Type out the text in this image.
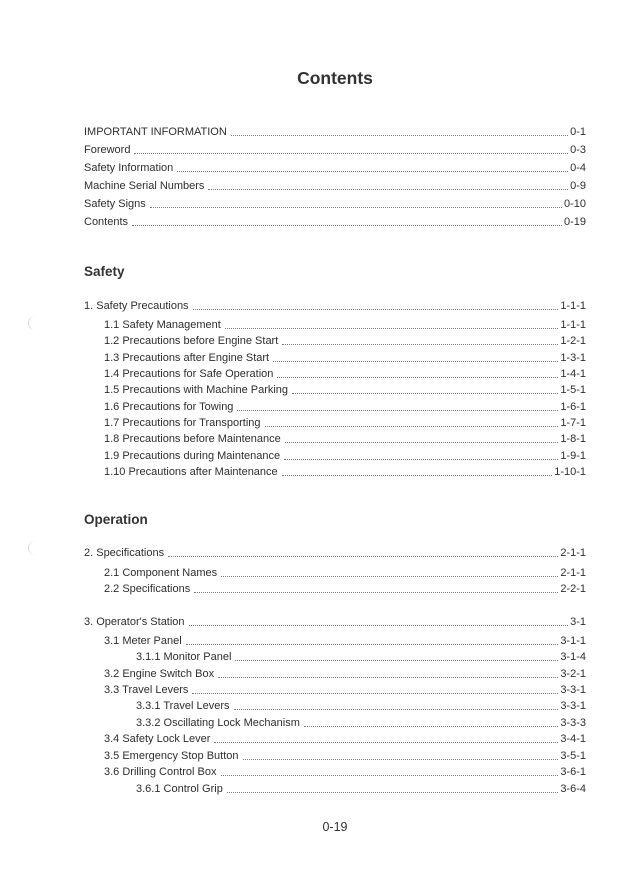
Contents
Safety
Operation
IMPORTANT INFORMATION	0-1
Foreword	0-3
Safety Information	0-4
Machine Serial Numbers	0-9
Safety Signs	0-10
Contents	0-19
1. Safety Precautions	1-1-1
1.1 Safety Management	1-1-1
1.2 Precautions before Engine Start	1-2-1
1.3 Precautions after Engine Start	1-3-1
1.4 Precautions for Safe Operation	1-4-1
1.5 Precautions with Machine Parking	1-5-1
1.6 Precautions for Towing	1-6-1
1.7 Precautions for Transporting	1-7-1
1.8 Precautions before Maintenance	1-8-1
1.9 Precautions during Maintenance	1-9-1
1.10 Precautions after Maintenance	1-10-1
2. Specifications	2-1-1
2.1 Component Names	2-1-1
2.2 Specifications	2-2-1
3. Operator's Station	3-1
3.1 Meter Panel	3-1-1
3.1.1 Monitor Panel	3-1-4
3.2 Engine Switch Box	3-2-1
3.3 Travel Levers	3-3-1
3.3.1 Travel Levers	3-3-1
3.3.2 Oscillating Lock Mechanism	3-3-3
3.4 Safety Lock Lever	3-4-1
3.5 Emergency Stop Button	3-5-1
3.6 Drilling Control Box	3-6-1
3.6.1 Control Grip	3-6-4
0-19
